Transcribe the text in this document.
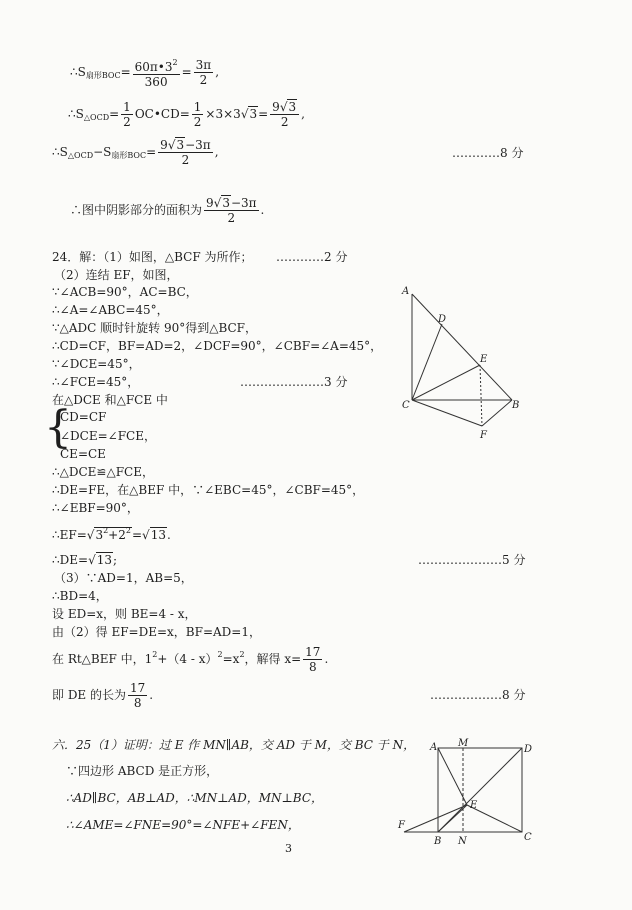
$\therefore S_{扇形BOC}= \frac{60\pi•3^2}{360} = \frac{3\pi}{2}$ ,
$\therefore S_{\triangle OCD}= \frac{1}{2}$ OC•CD= $\frac{1}{2} \times 3\times 3√3= \frac{9√3}{2}$ ,
$\therefore S_{\triangle OCD}-S_{扇形BOC}= \frac{9√3-3\pi}{2}$ ,	…………8 分
∴图中阴影部分的面积为 $\frac{9√3-3\pi}{2}$ .
24．解：（1）如图，△BCF 为所作； …………2 分
（2）连结 EF，如图，
∵∠ACB=90°，AC=BC，
∴∠A=∠ABC=45°，
∵△ADC 顺时针旋转 90°得到△BCF，
∴CD=CF，BF=AD=2，∠DCF=90°，∠CBF=∠A=45°，
∵∠DCE=45°，
∴∠FCE=45°，	…………………3 分
在△DCE 和△FCE 中
{
CD=CF
∠DCE=∠FCE，
CE=CE
∴△DCE≌△FCE，
∴DE=FE，在△BEF 中，∵∠EBC=45°，∠CBF=45°，
∴∠EBF=90°，
$\therefore EF=√3^2+2^2=√13$.
∴DE=√13;	…………………5 分
（3）∵AD=1，AB=5，
∴BD=4，
设 ED=x，则 BE=4 - x，
由（2）得 EF=DE=x，BF=AD=1，
在 Rt△BEF 中，$1^2+(4 - x)^2=x^2$，解得 $x= \frac{17}{8}$ .
即 DE 的长为 $\frac{17}{8}$ .	………………8 分
六．25（1）证明：过 E 作 MN∥AB，交 AD 于 M，交 BC 于 N，
∵四边形 ABCD 是正方形，
∴AD∥BC，AB⊥AD，∴MN⊥AD，MN⊥BC，
∴∠AME=∠FNE=90°=∠NFE+∠FEN，
A
D
E
C	B
F
A M
D
E
F
B N	C
3
